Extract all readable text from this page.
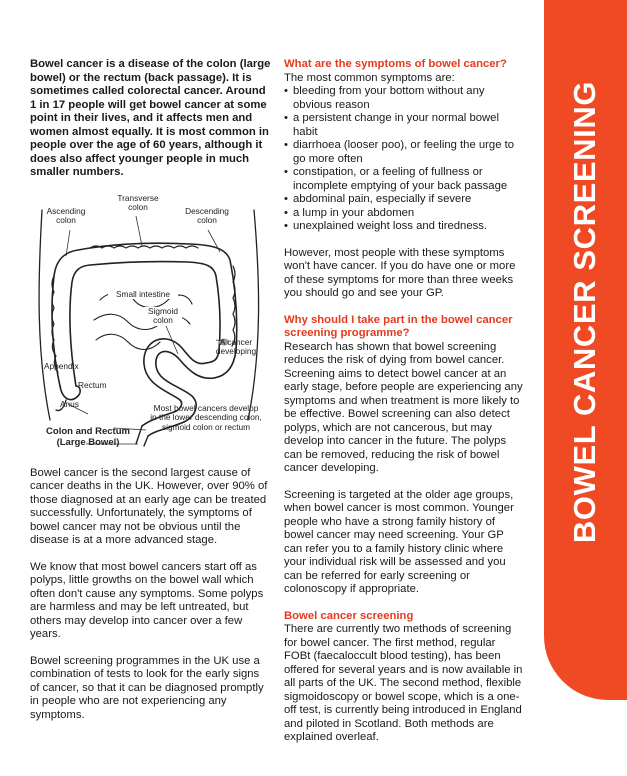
Bowel cancer is a disease of the colon (large bowel) or the rectum (back passage). It is sometimes called colorectal cancer. Around 1 in 17 people will get bowel cancer at some point in their lives, and it affects men and women almost equally. It is most common in people over the age of 60 years, although it does also affect younger people in much smaller numbers.

Transverse colon
Ascending colon
Descending colon
Small intestine
Sigmoid colon
A cancer developing
Appendix
Rectum
Anus	Most bowel cancers develop in the lower descending colon, sigmoid colon or rectum
Colon and Rectum
(Large Bowel)

Bowel cancer is the second largest cause of cancer deaths in the UK. However, over 90% of those diagnosed at an early age can be treated successfully. Unfortunately, the symptoms of bowel cancer may not be obvious until the disease is at a more advanced stage.

We know that most bowel cancers start off as polyps, little growths on the bowel wall which often don't cause any symptoms. Some polyps are harmless and may be left untreated, but others may develop into cancer over a few years.

Bowel screening programmes in the UK use a combination of tests to look for the early signs of cancer, so that it can be diagnosed promptly in people who are not experiencing any symptoms.

What are the symptoms of bowel cancer?
The most common symptoms are:
• bleeding from your bottom without any obvious reason
• a persistent change in your normal bowel habit
• diarrhoea (looser poo), or feeling the urge to go more often
• constipation, or a feeling of fullness or incomplete emptying of your back passage
• abdominal pain, especially if severe
• a lump in your abdomen
• unexplained weight loss and tiredness.

However, most people with these symptoms won't have cancer. If you do have one or more of these symptoms for more than three weeks you should go and see your GP.

Why should I take part in the bowel cancer screening programme?

Research has shown that bowel screening reduces the risk of dying from bowel cancer. Screening aims to detect bowel cancer at an early stage, before people are experiencing any symptoms and when treatment is more likely to be effective. Bowel screening can also detect polyps, which are not cancerous, but may develop into cancer in the future. The polyps can be removed, reducing the risk of bowel cancer developing.

Screening is targeted at the older age groups, when bowel cancer is most common. Younger people who have a strong family history of bowel cancer may need screening. Your GP can refer you to a family history clinic where your individual risk will be assessed and you can be referred for early screening or colonoscopy if appropriate.

Bowel cancer screening

There are currently two methods of screening for bowel cancer. The first method, regular FOBt (faecaloccult blood testing), has been offered for several years and is now available in all parts of the UK. The second method, flexible sigmoidoscopy or bowel scope, which is a one-off test, is currently being introduced in England and piloted in Scotland. Both methods are explained overleaf.

BOWEL CANCER SCREENING
